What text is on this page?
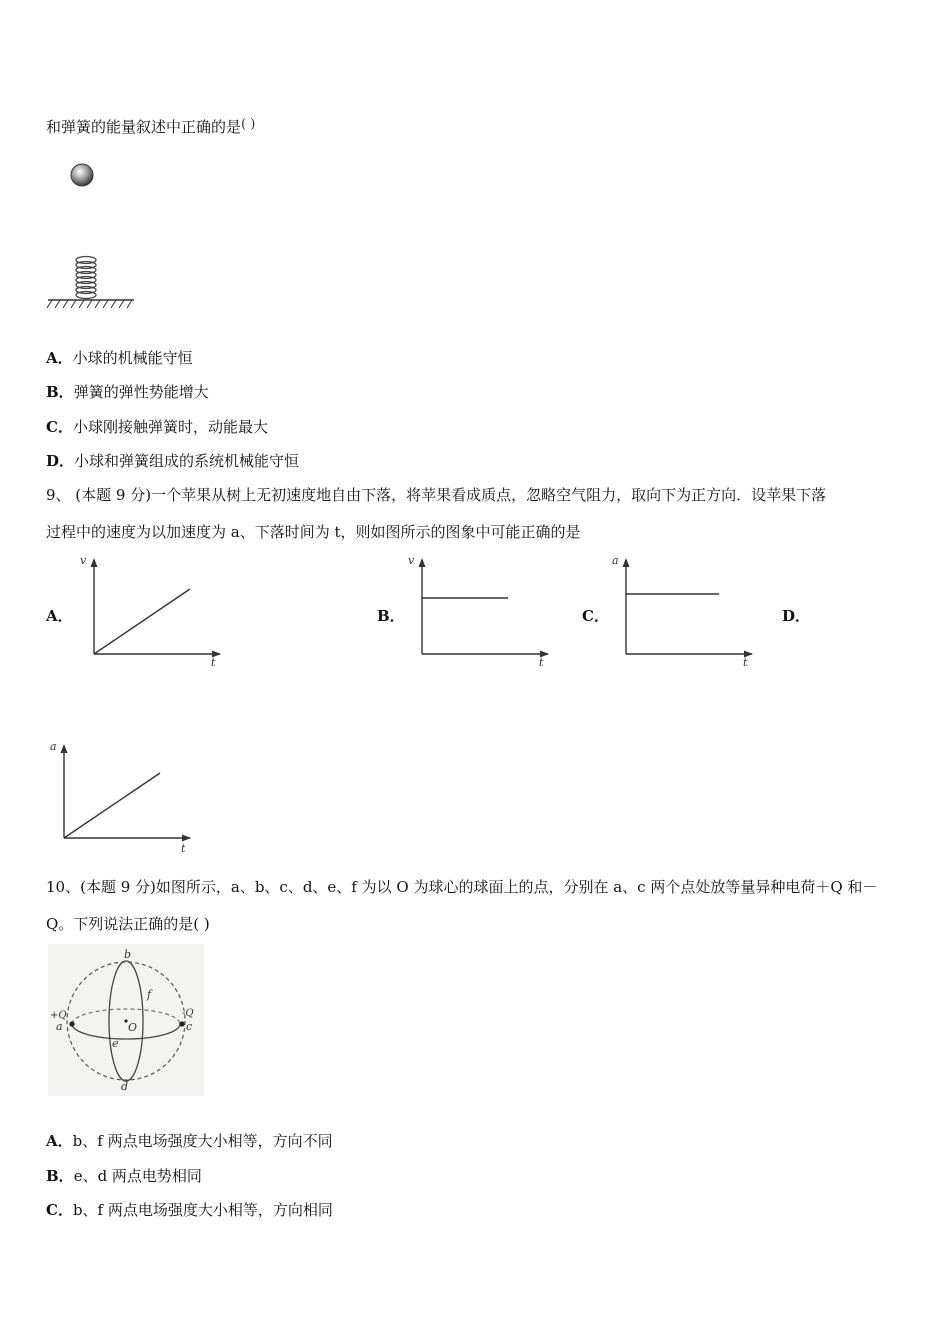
和弹簧的能量叙述中正确的是( )
A．小球的机械能守恒
B．弹簧的弹性势能增大
C．小球刚接触弹簧时，动能最大
D．小球和弹簧组成的系统机械能守恒
9、 (本题 9 分)一个苹果从树上无初速度地自由下落，将苹果看成质点，忽略空气阻力，取向下为正方向．设苹果下落
过程中的速度为以加速度为 a、下落时间为 t，则如图所示的图象中可能正确的是
A．	B．	C．	D．
v
t
v
t
a
t
a
t
10、(本题 9 分)如图所示，a、b、c、d、e、f 为以 O 为球心的球面上的点，分别在 a、c 两个点处放等量异种电荷＋Q 和－
Q。下列说法正确的是( )
b
d
f
e
O
a	c
+Q	-Q
A．b、f 两点电场强度大小相等，方向不同
B．e、d 两点电势相同
C．b、f 两点电场强度大小相等，方向相同
